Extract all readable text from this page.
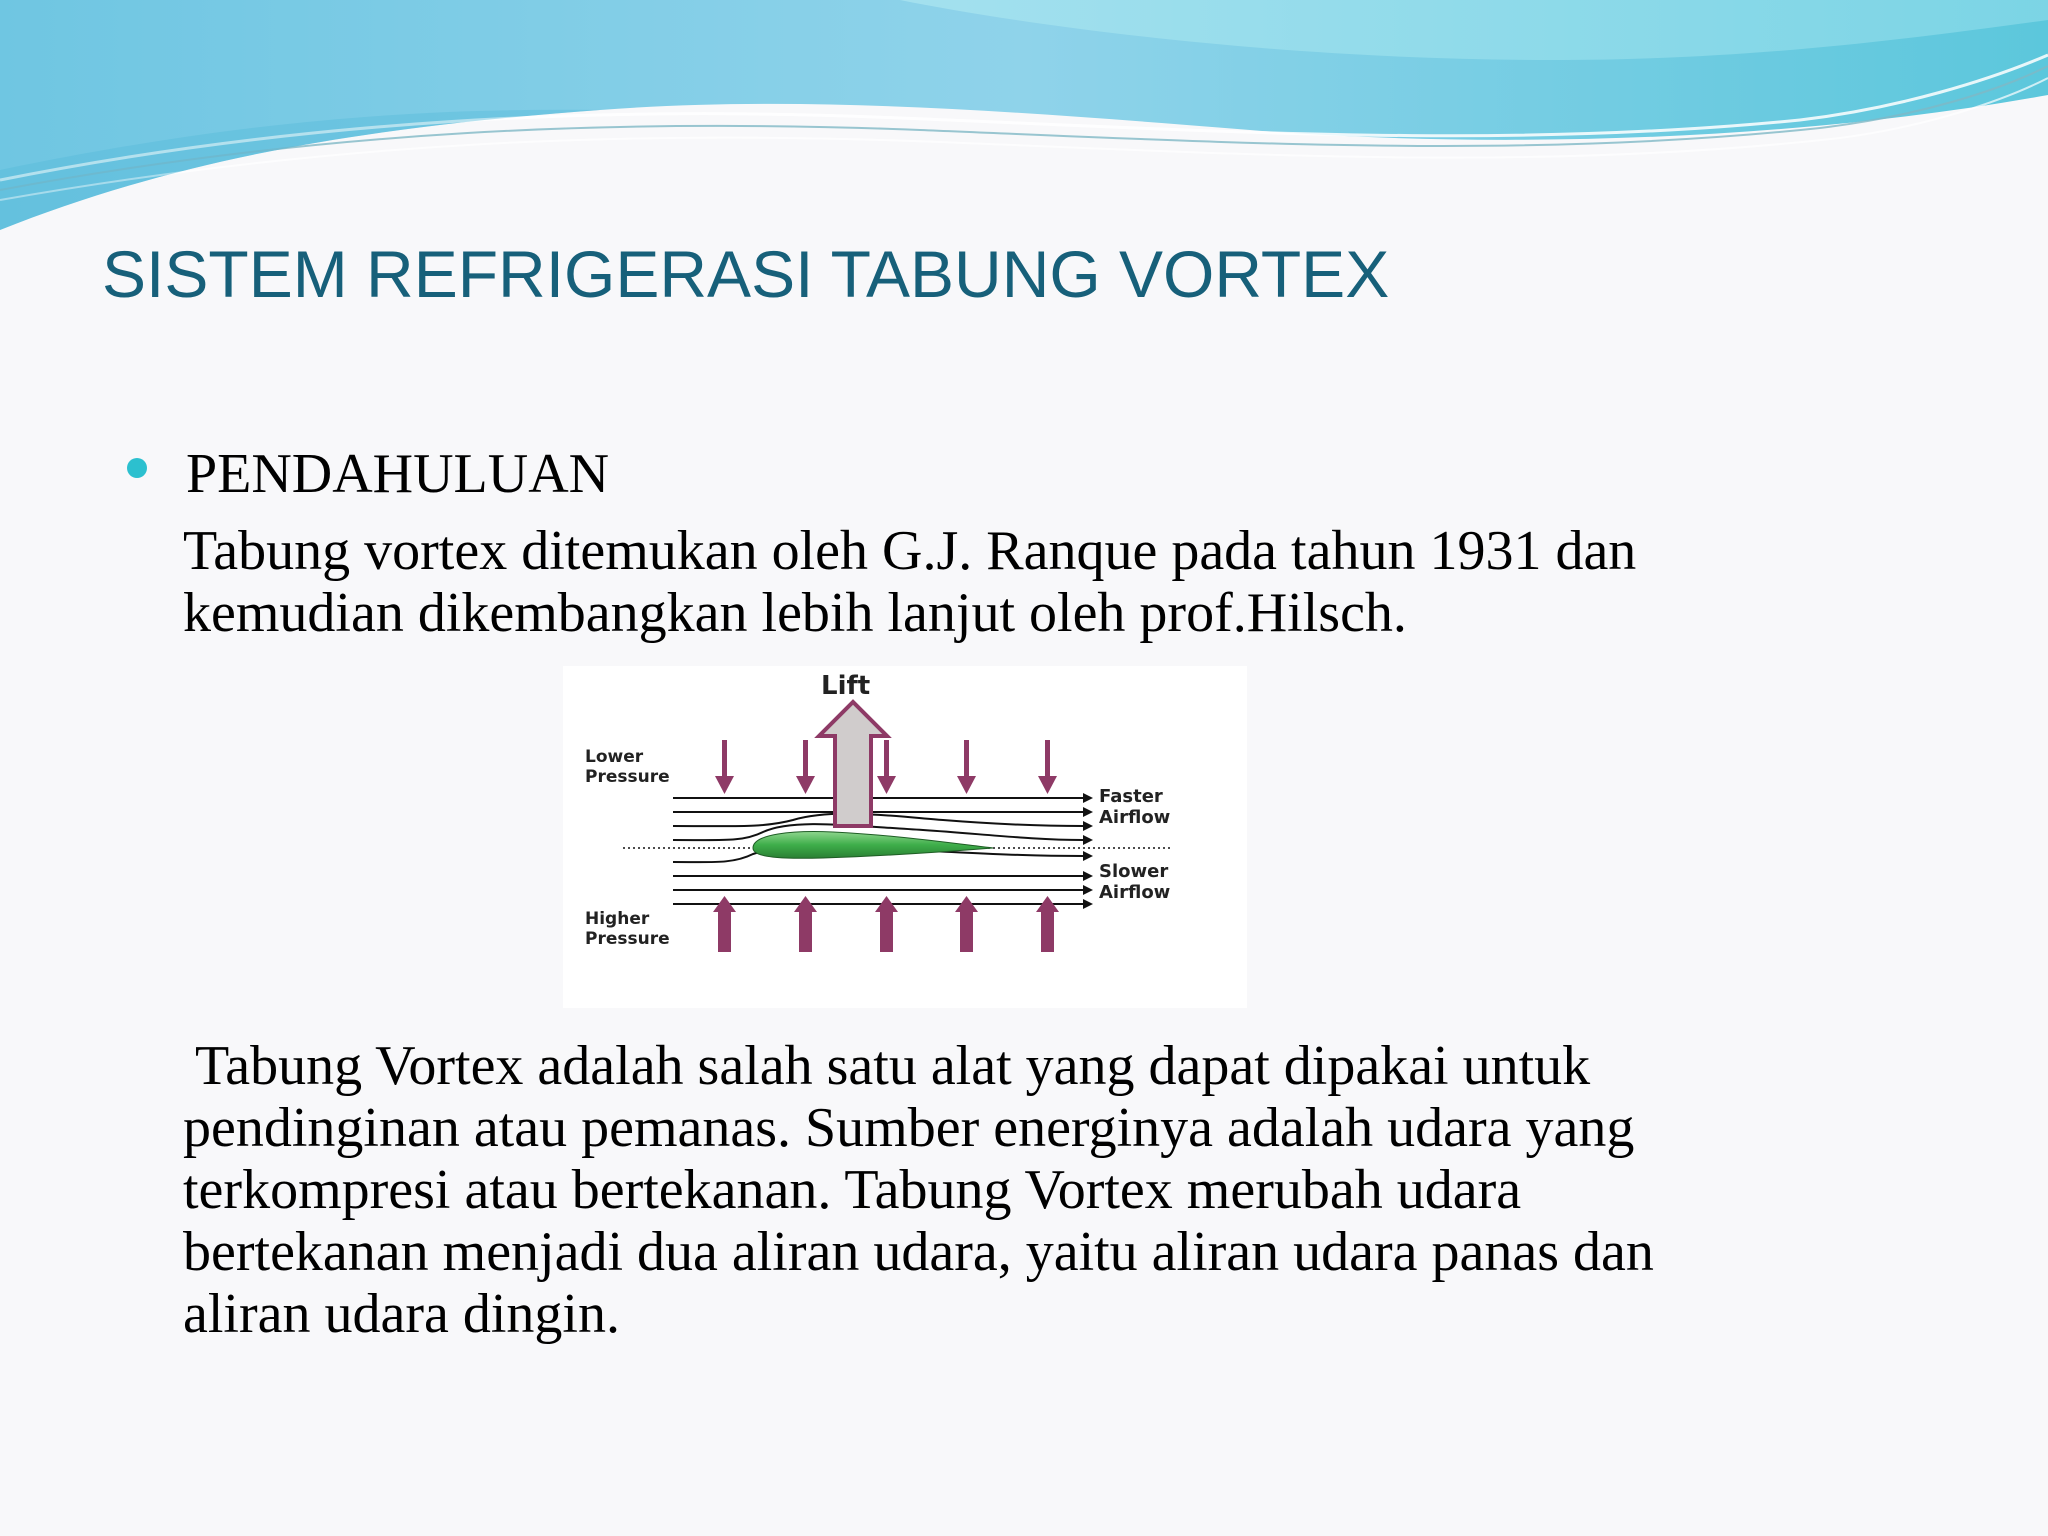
SISTEM REFRIGERASI TABUNG VORTEX
PENDAHULUAN
Tabung vortex ditemukan oleh G.J. Ranque pada tahun 1931 dan
kemudian dikembangkan lebih lanjut oleh prof.Hilsch.
Lift
Lower
Pressure
Higher
Pressure
Faster
Airflow
Slower
Airflow
Tabung Vortex adalah salah satu alat yang dapat dipakai untuk
pendinginan atau pemanas. Sumber energinya adalah udara yang
terkompresi atau bertekanan. Tabung Vortex merubah udara
bertekanan menjadi dua aliran udara, yaitu aliran udara panas dan
aliran udara dingin.
